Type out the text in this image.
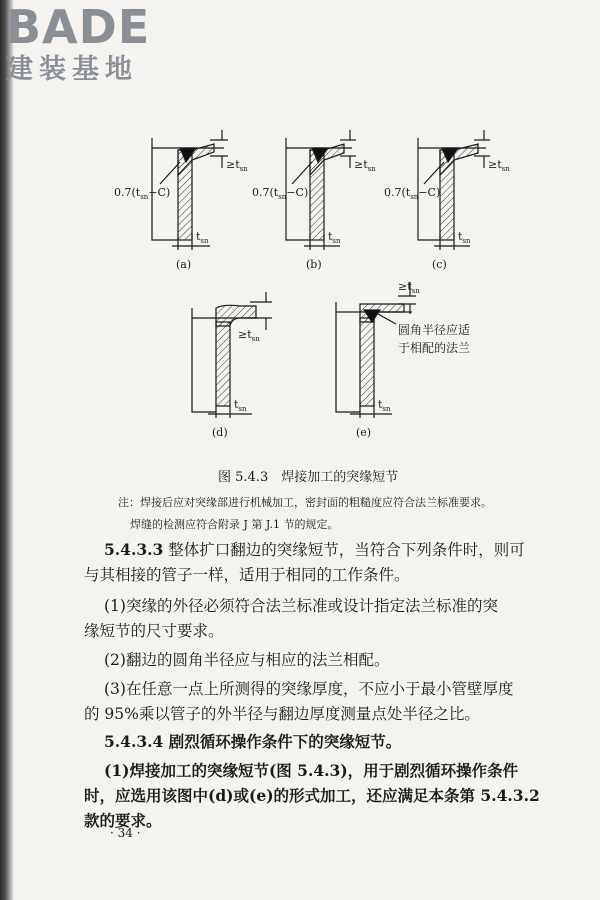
BADE
建装基地
$\ge t_{sn}$
$0.7(t_{sn}-C)$
$t_{sn}$
(a)
$\ge t_{sn}$
$0.7(t_{sn}-C)$
$t_{sn}$
(b)
$\ge t_{sn}$
$0.7(t_{sn}-C)$
$t_{sn}$
(c)
$\ge t_{sn}$
$t_{sn}$
(d)
$\ge t_{sn}$
圆角半径应适
于相配的法兰
$t_{sn}$
(e)
图 5.4.3　焊接加工的突缘短节
注：焊接后应对突缘部进行机械加工，密封面的粗糙度应符合法兰标准要求。
焊缝的检测应符合附录 J 第 J.1 节的规定。
5.4.3.3 整体扩口翻边的突缘短节，当符合下列条件时，则可
与其相接的管子一样，适用于相同的工作条件。
(1)突缘的外径必须符合法兰标准或设计指定法兰标准的突
缘短节的尺寸要求。
(2)翻边的圆角半径应与相应的法兰相配。
(3)在任意一点上所测得的突缘厚度，不应小于最小管壁厚度
的 95%乘以管子的外半径与翻边厚度测量点处半径之比。
5.4.3.4 剧烈循环操作条件下的突缘短节。
(1)焊接加工的突缘短节(图 5.4.3)，用于剧烈循环操作条件
时，应选用该图中(d)或(e)的形式加工，还应满足本条第 5.4.3.2
款的要求。
· 34 ·
